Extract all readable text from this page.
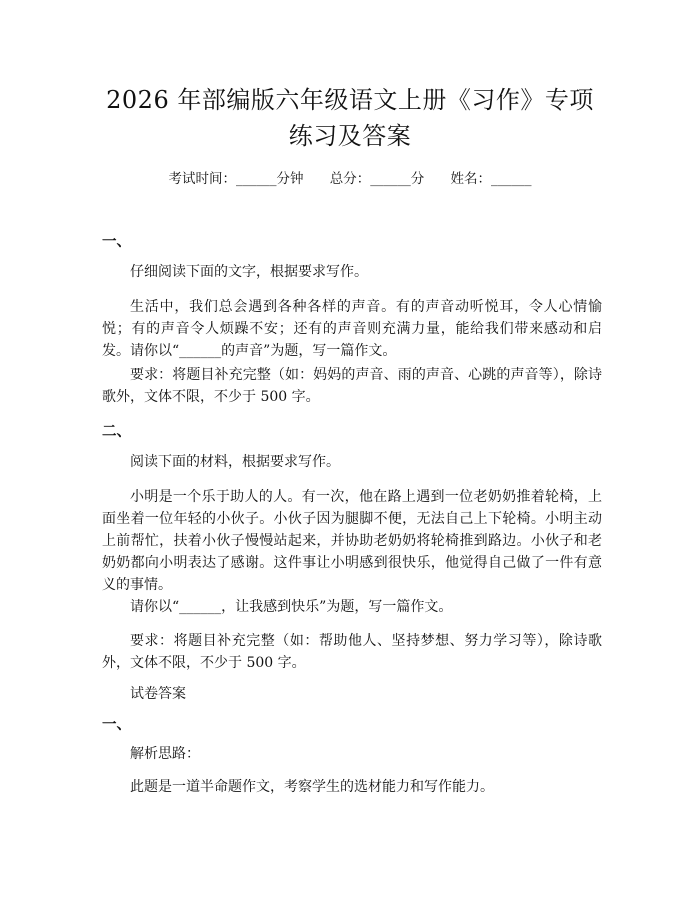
2026 年部编版六年级语文上册《习作》专项
练习及答案
考试时间：______分钟 总分：______分 姓名：______
一、
仔细阅读下面的文字，根据要求写作。
生活中，我们总会遇到各种各样的声音。有的声音动听悦耳，令人心情愉悦；有的声音令人烦躁不安；还有的声音则充满力量，能给我们带来感动和启发。请你以“______的声音”为题，写一篇作文。
要求：将题目补充完整（如：妈妈的声音、雨的声音、心跳的声音等），除诗歌外，文体不限，不少于 500 字。
二、
阅读下面的材料，根据要求写作。
小明是一个乐于助人的人。有一次，他在路上遇到一位老奶奶推着轮椅，上面坐着一位年轻的小伙子。小伙子因为腿脚不便，无法自己上下轮椅。小明主动上前帮忙，扶着小伙子慢慢站起来，并协助老奶奶将轮椅推到路边。小伙子和老奶奶都向小明表达了感谢。这件事让小明感到很快乐，他觉得自己做了一件有意义的事情。
请你以“______，让我感到快乐”为题，写一篇作文。
要求：将题目补充完整（如：帮助他人、坚持梦想、努力学习等），除诗歌外，文体不限，不少于 500 字。
试卷答案
一、
解析思路：
此题是一道半命题作文，考察学生的选材能力和写作能力。
